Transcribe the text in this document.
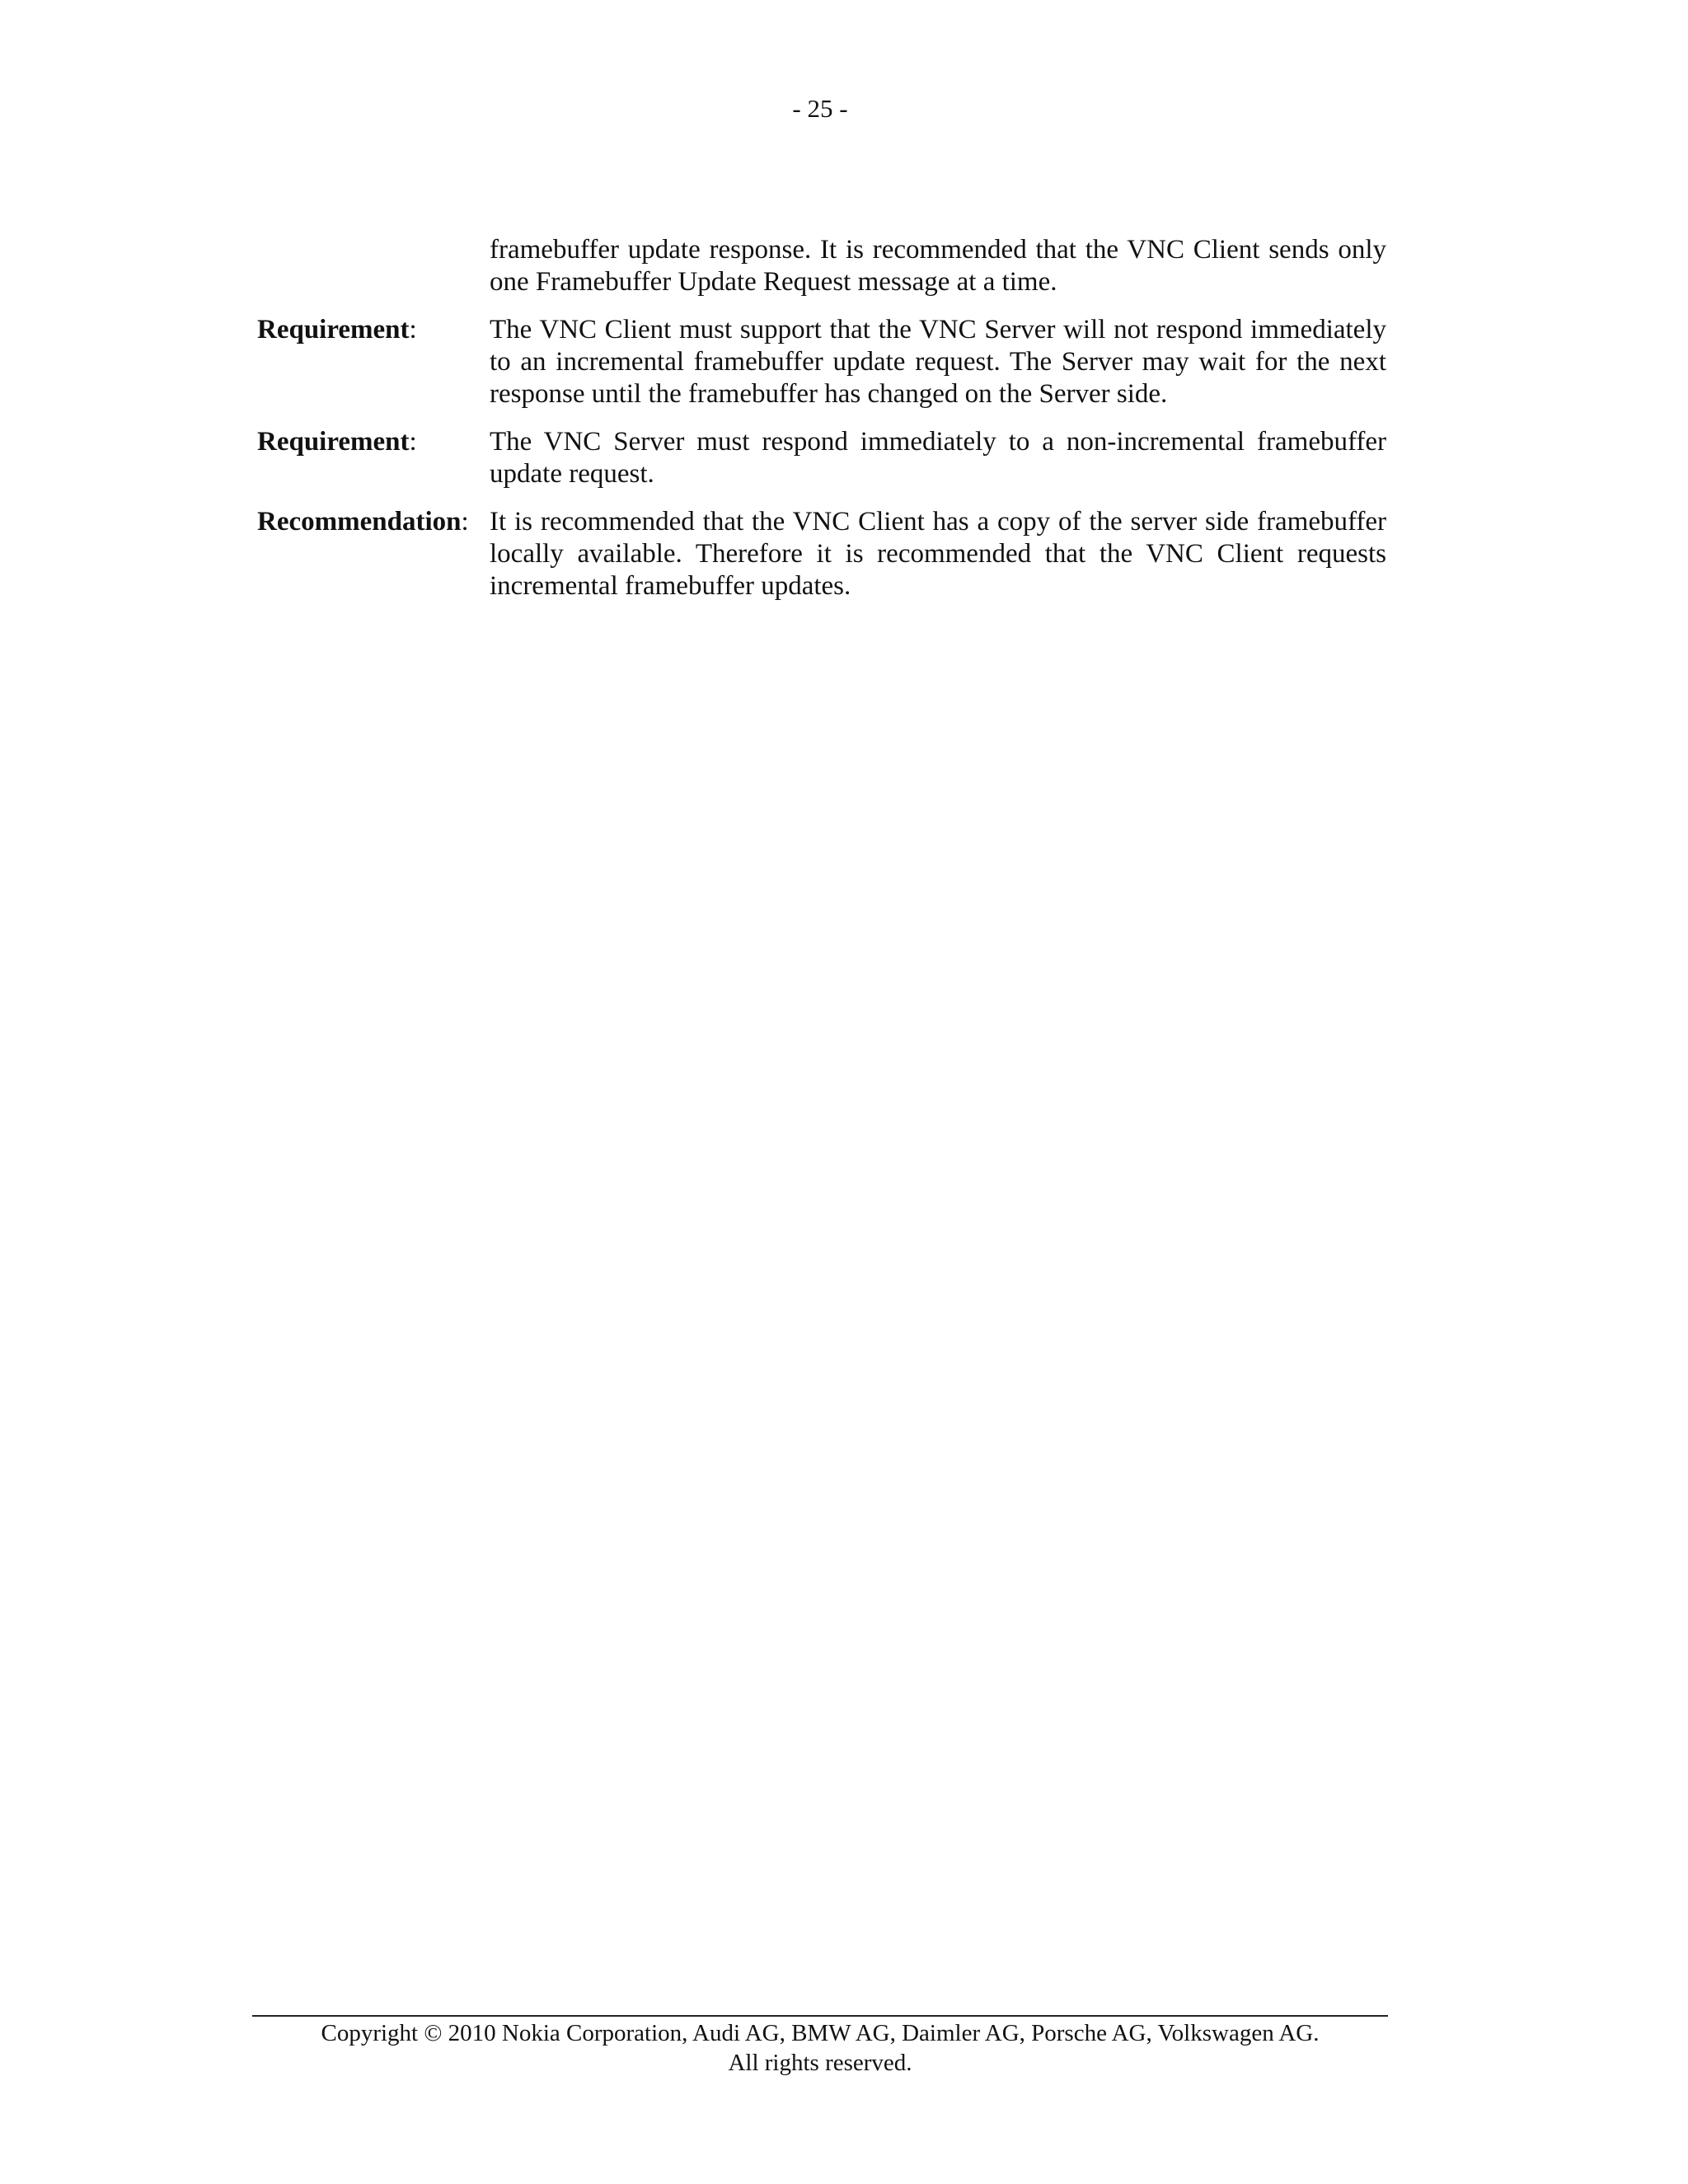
- 25 -
framebuffer update response. It is recommended that the VNC Client sends only one Framebuffer Update Request message at a time.
Requirement:	The VNC Client must support that the VNC Server will not respond immediately to an incremental framebuffer update request. The Server may wait for the next response until the framebuffer has changed on the Server side.
Requirement:	The VNC Server must respond immediately to a non-incremental framebuffer update request.
Recommendation: It is recommended that the VNC Client has a copy of the server side framebuffer locally available. Therefore it is recommended that the VNC Client requests incremental framebuffer updates.
Copyright © 2010 Nokia Corporation, Audi AG, BMW AG, Daimler AG, Porsche AG, Volkswagen AG.
All rights reserved.
